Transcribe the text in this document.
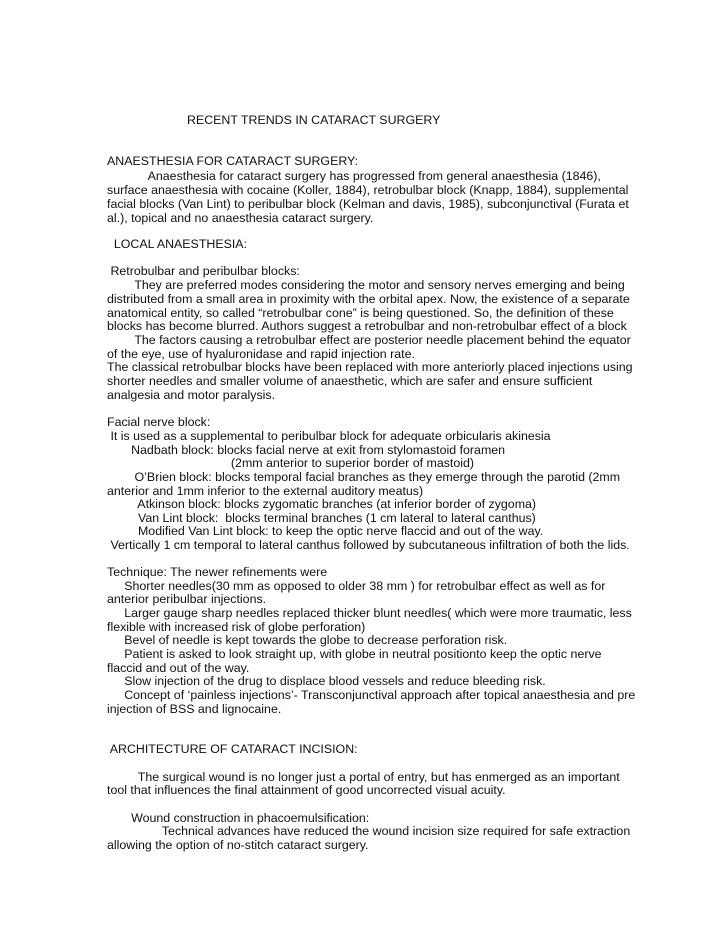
RECENT TRENDS IN CATARACT SURGERY
ANAESTHESIA FOR CATARACT SURGERY:
Anaesthesia for cataract surgery has progressed from general anaesthesia (1846),
surface anaesthesia with cocaine (Koller, 1884), retrobulbar block (Knapp, 1884), supplemental
facial blocks (Van Lint) to peribulbar block (Kelman and davis, 1985), subconjunctival (Furata et
al.), topical and no anaesthesia cataract surgery.
LOCAL ANAESTHESIA:
Retrobulbar and peribulbar blocks:
They are preferred modes considering the motor and sensory nerves emerging and being
distributed from a small area in proximity with the orbital apex. Now, the existence of a separate
anatomical entity, so called “retrobulbar cone” is being questioned. So, the definition of these
blocks has become blurred. Authors suggest a retrobulbar and non-retrobulbar effect of a block
The factors causing a retrobulbar effect are posterior needle placement behind the equator
of the eye, use of hyaluronidase and rapid injection rate.
The classical retrobulbar blocks have been replaced with more anteriorly placed injections using
shorter needles and smaller volume of anaesthetic, which are safer and ensure sufficient
analgesia and motor paralysis.
Facial nerve block:
It is used as a supplemental to peribulbar block for adequate orbicularis akinesia
Nadbath block: blocks facial nerve at exit from stylomastoid foramen
(2mm anterior to superior border of mastoid)
O’Brien block: blocks temporal facial branches as they emerge through the parotid (2mm
anterior and 1mm inferior to the external auditory meatus)
Atkinson block: blocks zygomatic branches (at inferior border of zygoma)
Van Lint block:  blocks terminal branches (1 cm lateral to lateral canthus)
Modified Van Lint block: to keep the optic nerve flaccid and out of the way.
Vertically 1 cm temporal to lateral canthus followed by subcutaneous infiltration of both the lids.
Technique: The newer refinements were
Shorter needles(30 mm as opposed to older 38 mm ) for retrobulbar effect as well as for
anterior peribulbar injections.
Larger gauge sharp needles replaced thicker blunt needles( which were more traumatic, less
flexible with increased risk of globe perforation)
Bevel of needle is kept towards the globe to decrease perforation risk.
Patient is asked to look straight up, with globe in neutral positionto keep the optic nerve
flaccid and out of the way.
Slow injection of the drug to displace blood vessels and reduce bleeding risk.
Concept of ‘painless injections’- Transconjunctival approach after topical anaesthesia and pre
injection of BSS and lignocaine.
ARCHITECTURE OF CATARACT INCISION:
The surgical wound is no longer just a portal of entry, but has enmerged as an important
tool that influences the final attainment of good uncorrected visual acuity.
Wound construction in phacoemulsification:
Technical advances have reduced the wound incision size required for safe extraction
allowing the option of no-stitch cataract surgery.
